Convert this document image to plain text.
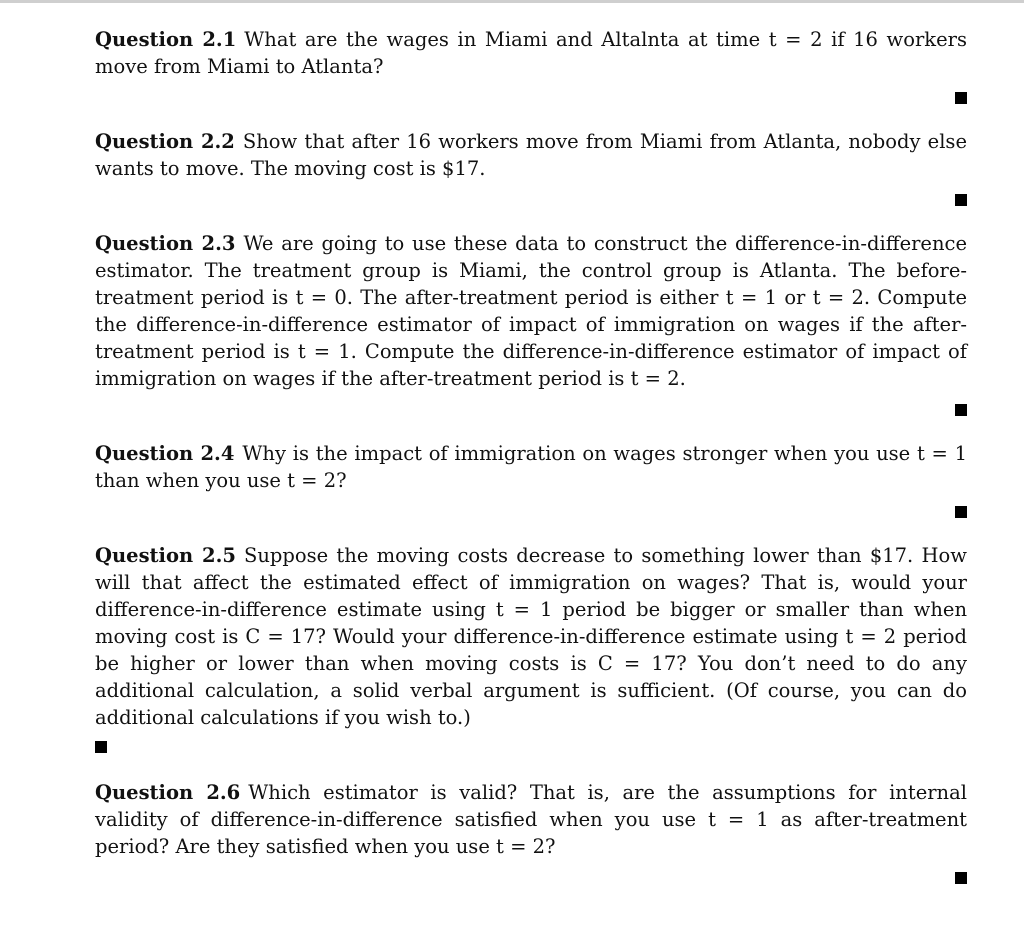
Question 2.1 What are the wages in Miami and Altalnta at time t = 2 if 16 workers move from Miami to Atlanta?

Question 2.2 Show that after 16 workers move from Miami from Atlanta, nobody else wants to move. The moving cost is $17.

Question 2.3 We are going to use these data to construct the difference-in-difference estimator. The treatment group is Miami, the control group is Atlanta. The before-treatment period is t = 0. The after-treatment period is either t = 1 or t = 2. Compute the difference-in-difference estimator of impact of immigration on wages if the after-treatment period is t = 1. Compute the difference-in-difference estimator of impact of immigration on wages if the after-treatment period is t = 2.

Question 2.4 Why is the impact of immigration on wages stronger when you use t = 1 than when you use t = 2?

Question 2.5 Suppose the moving costs decrease to something lower than $17. How will that affect the estimated effect of immigration on wages? That is, would your difference-in-difference estimate using t = 1 period be bigger or smaller than when moving cost is C = 17? Would your difference-in-difference estimate using t = 2 period be higher or lower than when moving costs is C = 17? You don’t need to do any additional calculation, a solid verbal argument is sufficient. (Of course, you can do additional calculations if you wish to.)

Question 2.6 Which estimator is valid? That is, are the assumptions for internal validity of difference-in-difference satisfied when you use t = 1 as after-treatment period? Are they satisfied when you use t = 2?
